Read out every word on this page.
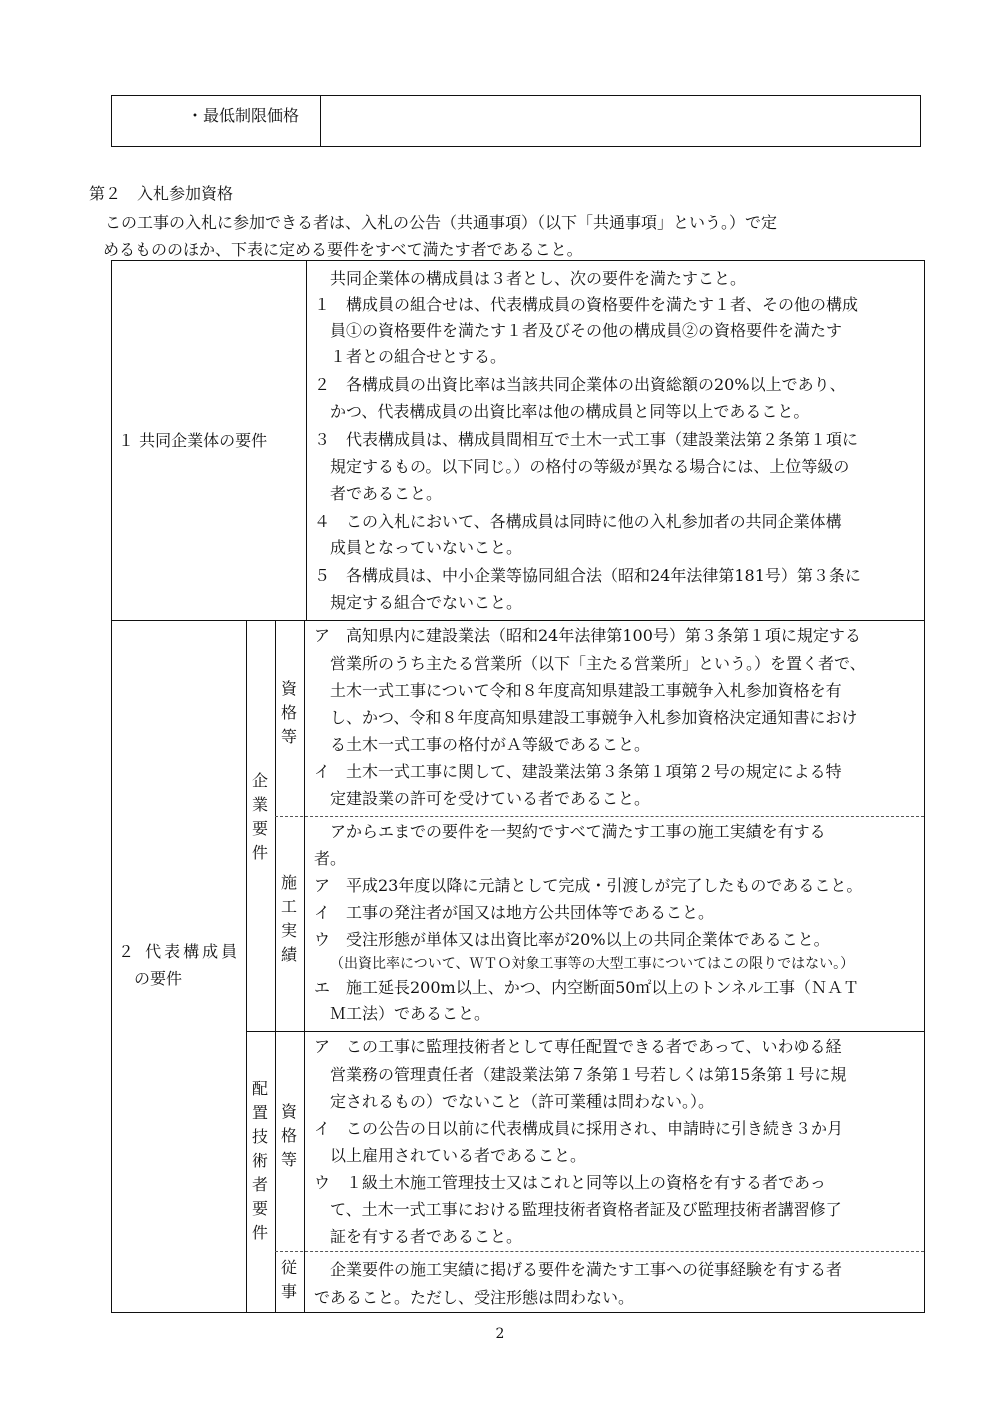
・最低制限価格
第２　入札参加資格
　この工事の入札に参加できる者は、入札の公告（共通事項）（以下「共通事項」という。）で定
めるもののほか、下表に定める要件をすべて満たす者であること。
１ 共同企業体の要件
　共同企業体の構成員は３者とし、次の要件を満たすこと。
１　構成員の組合せは、代表構成員の資格要件を満たす１者、その他の構成
　員①の資格要件を満たす１者及びその他の構成員②の資格要件を満たす
　１者との組合せとする。
２　各構成員の出資比率は当該共同企業体の出資総額の20%以上であり、
　かつ、代表構成員の出資比率は他の構成員と同等以上であること。
３　代表構成員は、構成員間相互で土木一式工事（建設業法第２条第１項に
　規定するもの。以下同じ。）の格付の等級が異なる場合には、上位等級の
　者であること。
４　この入札において、各構成員は同時に他の入札参加者の共同企業体構
　成員となっていないこと。
５　各構成員は、中小企業等協同組合法（昭和24年法律第181号）第３条に
　規定する組合でないこと。
２ 代表構成員
の要件
企
業
要
件
資
格
等
施
工
実
績
配
置
技
術
者
要
件
資
格
等
従
事
ア　高知県内に建設業法（昭和24年法律第100号）第３条第１項に規定する
　営業所のうち主たる営業所（以下「主たる営業所」という。）を置く者で、
　土木一式工事について令和８年度高知県建設工事競争入札参加資格を有
　し、かつ、令和８年度高知県建設工事競争入札参加資格決定通知書におけ
　る土木一式工事の格付がＡ等級であること。
イ　土木一式工事に関して、建設業法第３条第１項第２号の規定による特
　定建設業の許可を受けている者であること。
　アからエまでの要件を一契約ですべて満たす工事の施工実績を有する
者。
ア　平成23年度以降に元請として完成・引渡しが完了したものであること。
イ　工事の発注者が国又は地方公共団体等であること。
ウ　受注形態が単体又は出資比率が20%以上の共同企業体であること。
（出資比率について、ＷＴＯ対象工事等の大型工事についてはこの限りではない。）
エ　施工延長200m以上、かつ、内空断面50㎡以上のトンネル工事（ＮＡＴ
　Ｍ工法）であること。
ア　この工事に監理技術者として専任配置できる者であって、いわゆる経
　営業務の管理責任者（建設業法第７条第１号若しくは第15条第１号に規
　定されるもの）でないこと（許可業種は問わない。）。
イ　この公告の日以前に代表構成員に採用され、申請時に引き続き３か月
　以上雇用されている者であること。
ウ　１級土木施工管理技士又はこれと同等以上の資格を有する者であっ
　て、土木一式工事における監理技術者資格者証及び監理技術者講習修了
　証を有する者であること。
　企業要件の施工実績に掲げる要件を満たす工事への従事経験を有する者
であること。ただし、受注形態は問わない。
2
